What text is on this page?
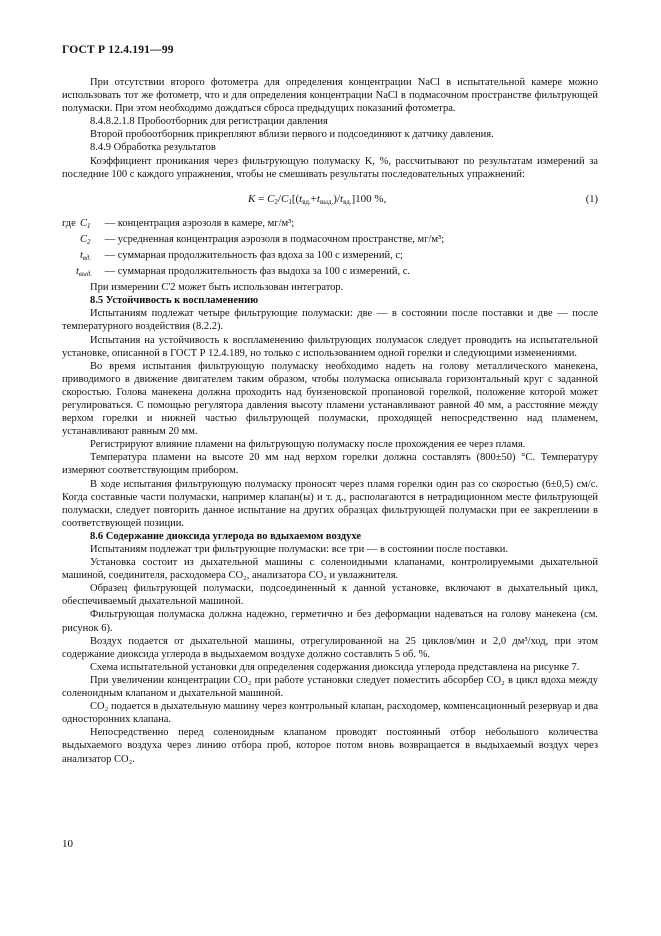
ГОСТ Р 12.4.191—99

При отсутствии второго фотометра для определения концентрации NaCl в испытательной камере можно использовать тот же фотометр, что и для определения концентрации NaCl в подмасочном пространстве фильтрующей полумаски. При этом необходимо дождаться сброса предыдущих показаний фотометра.

8.4.8.2.1.8 Пробоотборник для регистрации давления

Второй пробоотборник прикрепляют вблизи первого и подсоединяют к датчику давления.

8.4.9 Обработка результатов

Коэффициент проникания через фильтрующую полумаску K, %, рассчитывают по результатам измерений за последние 100 с каждого упражнения, чтобы не смешивать результаты последовательных упражнений:

$K = C_2/C_1[(t_{вд.}+t_{выд.})/t_{вд.}]100$ %,	(1)
где $C_1$
	— концентрация аэрозоля в камере, мг/м³;
$C_2$
	— усредненная концентрация аэрозоля в подмасочном пространстве, мг/м³;
$t_{вд.}$
	— суммарная продолжительность фаз вдоха за 100 с измерений, с;
$t_{выд.}$
	— суммарная продолжительность фаз выдоха за 100 с измерений, с.

При измерении C'2 может быть использован интегратор.

8.5 Устойчивость к воспламенению

Испытаниям подлежат четыре фильтрующие полумаски: две — в состоянии после поставки и две — после температурного воздействия (8.2.2).

Испытания на устойчивость к воспламенению фильтрующих полумасок следует проводить на испытательной установке, описанной в ГОСТ Р 12.4.189, но только с использованием одной горелки и следующими изменениями.

Во время испытания фильтрующую полумаску необходимо надеть на голову металлического манекена, приводимого в движение двигателем таким образом, чтобы полумаска описывала горизонтальный круг с заданной скоростью. Голова манекена должна проходить над бунзеновской пропановой горелкой, положение которой может регулироваться. С помощью регулятора давления высоту пламени устанавливают равной 40 мм, а расстояние между верхом горелки и нижней частью фильтрующей полумаски, проходящей непосредственно над пламенем, устанавливают равным 20 мм.

Регистрируют влияние пламени на фильтрующую полумаску после прохождения ее через пламя.

Температура пламени на высоте 20 мм над верхом горелки должна составлять (800±50) °C. Температуру измеряют соответствующим прибором.

В ходе испытания фильтрующую полумаску проносят через пламя горелки один раз со скоростью (6±0,5) см/с. Когда составные части полумаски, например клапан(ы) и т. д., располагаются в нетрадиционном месте фильтрующей полумаски, следует повторить данное испытание на других образцах фильтрующей полумаски при ее закреплении в соответствующей позиции.

8.6 Содержание диоксида углерода во вдыхаемом воздухе

Испытаниям подлежат три фильтрующие полумаски: все три — в состоянии после поставки.

Установка состоит из дыхательной машины с соленоидными клапанами, контролируемыми дыхательной машиной, соединителя, расходомера CO₂, анализатора CO₂ и увлажнителя.

Образец фильтрующей полумаски, подсоединенный к данной установке, включают в дыхательный цикл, обеспечиваемый дыхательной машиной.

Фильтрующая полумаска должна надежно, герметично и без деформации надеваться на голову манекена (см. рисунок 6).

Воздух подается от дыхательной машины, отрегулированной на 25 циклов/мин и 2,0 дм³/ход, при этом содержание диоксида углерода в выдыхаемом воздухе должно составлять 5 об. %.

Схема испытательной установки для определения содержания диоксида углерода представлена на рисунке 7.

При увеличении концентрации CO₂ при работе установки следует поместить абсорбер CO₂ в цикл вдоха между соленоидным клапаном и дыхательной машиной.

CO₂ подается в дыхательную машину через контрольный клапан, расходомер, компенсационный резервуар и два односторонних клапана.

Непосредственно перед соленоидным клапаном проводят постоянный отбор небольшого количества выдыхаемого воздуха через линию отбора проб, которое потом вновь возвращается в выдыхаемый воздух через анализатор CO₂.

10
